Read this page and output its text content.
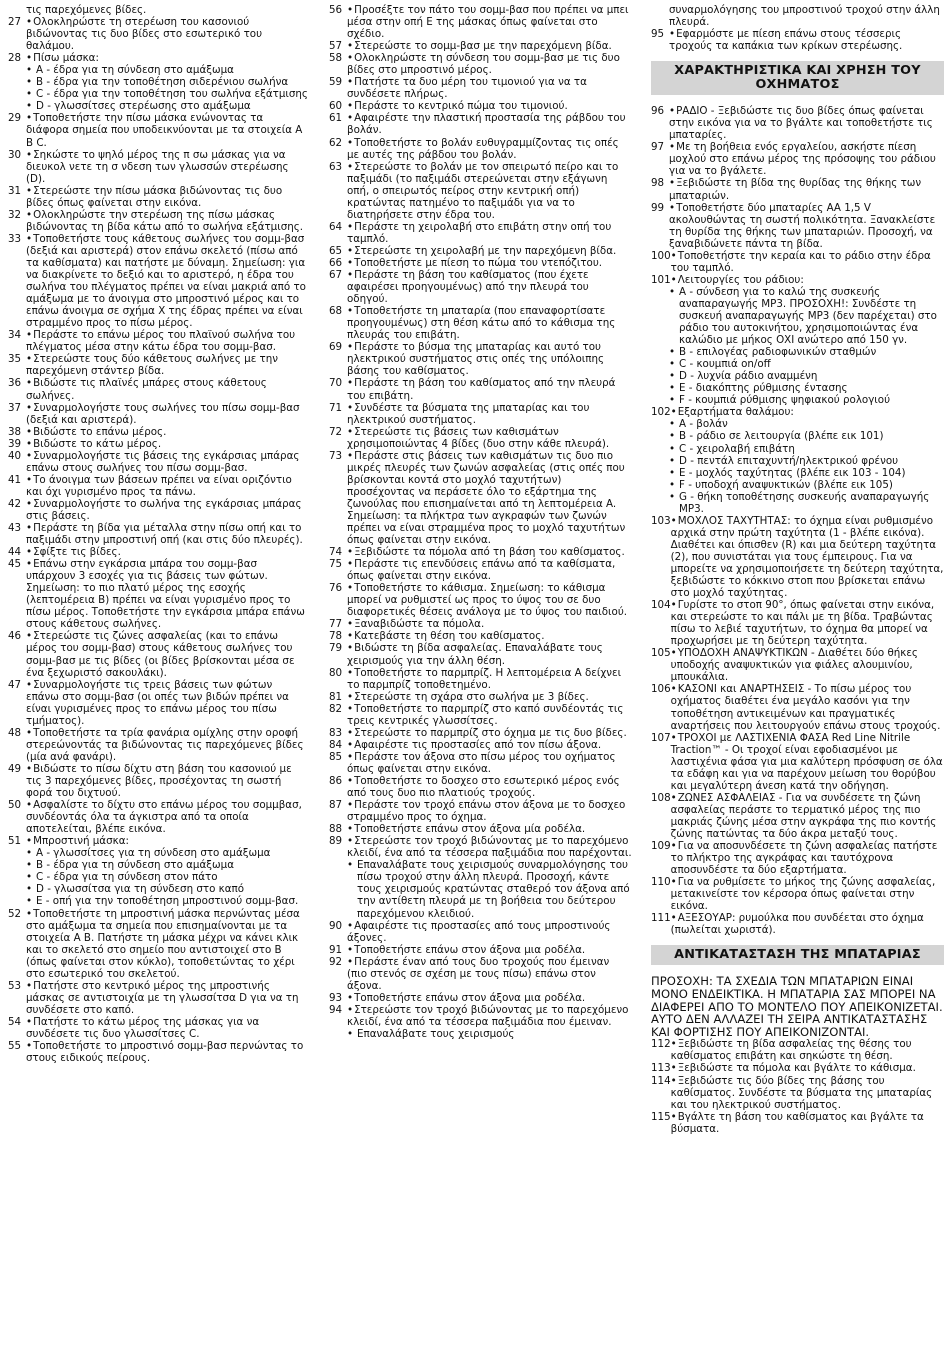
τις παρεχόμενες βίδες.
27 •Ολοκληρώστε τη στερέωση του κασονιού βιδώνοντας τις δυο βίδες στο εσωτερικό του θαλάμου.
28 •Πίσω μάσκα:
• A - έδρα για τη σύνδεση στο αμάξωμα
• B - έδρα για την τοποθέτηση σιδερένιου σωλήνα
• C - έδρα για την τοποθέτηση του σωλήνα εξάτμισης
• D - γλωσσίτσες στερέωσης στο αμάξωμα
29 •Τοποθετήστε την πίσω μάσκα ενώνοντας τα διάφορα σημεία που υποδεικνύονται με τα στοιχεία A B C.
30 •Σηκώστε το ψηλό μέρος της π σω μάσκας για να διευκολ νετε τη σ νδεση των γλωσσών στερέωσης (D).
31 •Στερεώστε την πίσω μάσκα βιδώνοντας τις δυο βίδες όπως φαίνεται στην εικόνα.
32 •Ολοκληρώστε την στερέωση της πίσω μάσκας βιδώνοντας τη βίδα κάτω από το σωλήνα εξάτμισης.
33 •Τοποθετήστε τους κάθετους σωλήνες του σομμ-βασ (δεξιά και αριστερά) στον επάνω σκελετό (πίσω από τα καθίσματα) και πατήστε με δύναμη. Σημείωση: για να διακρίνετε το δεξιό και το αριστερό, η έδρα του σωλήνα του πλέγματος πρέπει να είναι μακριά από το αμάξωμα με το άνοιγμα στο μπροστινό μέρος και το επάνω άνοιγμα σε σχήμα Χ της έδρας πρέπει να είναι στραμμένο προς το πίσω μέρος.
34 •Περάστε το επάνω μέρος του πλαϊνού σωλήνα του πλέγματος μέσα στην κάτω έδρα του σομμ-βασ.
35 •Στερεώστε τους δύο κάθετους σωλήνες με την παρεχόμενη στάντερ βίδα.
36 •Βιδώστε τις πλαϊνές μπάρες στους κάθετους σωλήνες.
37 •Συναρμολογήστε τους σωλήνες του πίσω σομμ-βασ (δεξιά και αριστερά).
38 •Βιδώστε το επάνω μέρος.
39 •Βιδώστε το κάτω μέρος.
40 •Συναρμολογήστε τις βάσεις της εγκάρσιας μπάρας επάνω στους σωλήνες του πίσω σομμ-βασ.
41 •Το άνοιγμα των βάσεων πρέπει να είναι οριζόντιο και όχι γυρισμένο προς τα πάνω.
42 •Συναρμολογήστε το σωλήνα της εγκάρσιας μπάρας στις βάσεις.
43 •Περάστε τη βίδα για μέταλλα στην πίσω οπή και το παξιμάδι στην μπροστινή οπή (και στις δύο πλευρές).
44 •Σφίξτε τις βίδες.
45 •Επάνω στην εγκάρσια μπάρα του σομμ-βασ υπάρχουν 3 εσοχές για τις βάσεις των φώτων. Σημείωση: το πιο πλατύ μέρος της εσοχής (λεπτομέρεια B) πρέπει να είναι γυρισμένο προς το πίσω μέρος. Τοποθετήστε την εγκάρσια μπάρα επάνω στους κάθετους σωλήνες.
46 •Στερεώστε τις ζώνες ασφαλείας (και το επάνω μέρος του σομμ-βασ) στους κάθετους σωλήνες του σομμ-βασ με τις βίδες (οι βίδες βρίσκονται μέσα σε ένα ξεχωριστό σακουλάκι).
47 •Συναρμολογήστε τις τρεις βάσεις των φώτων επάνω στο σομμ-βασ (οι οπές των βιδών πρέπει να είναι γυρισμένες προς το επάνω μέρος του πίσω τμήματος).
48 •Τοποθετήστε τα τρία φανάρια ομίχλης στην οροφή στερεώνοντάς τα βιδώνοντας τις παρεχόμενες βίδες (μία ανά φανάρι).
49 •Βιδώστε το πίσω δίχτυ στη βάση του κασονιού με τις 3 παρεχόμενες βίδες, προσέχοντας τη σωστή φορά του διχτυού.
50 •Ασφαλίστε το δίχτυ στο επάνω μέρος του σομμβασ, συνδέοντάς όλα τα άγκιστρα από τα οποία αποτελείται, βλέπε εικόνα.
51 •Μπροστινή μάσκα:
• A - γλωσσίτσες για τη σύνδεση στο αμάξωμα
• B - έδρα για τη σύνδεση στο αμάξωμα
• C - έδρα για τη σύνδεση στον πάτο
• D - γλωσσίτσα για τη σύνδεση στο καπό
• E - οπή για την τοποθέτηση μπροστινού σομμ-βασ.
52 •Τοποθετήστε τη μπροστινή μάσκα περνώντας μέσα στο αμάξωμα τα σημεία που επισημαίνονται με τα στοιχεία A B. Πατήστε τη μάσκα μέχρι να κάνει κλικ και το σκελετό στο σημείο που αντιστοιχεί στο B (όπως φαίνεται στον κύκλο), τοποθετώντας το χέρι στο εσωτερικό του σκελετού.
53 •Πατήστε στο κεντρικό μέρος της μπροστινής μάσκας σε αντιστοιχία με τη γλωσσίτσα D για να τη συνδέσετε στο καπό.
54 •Πατήστε το κάτω μέρος της μάσκας για να συνδέσετε τις δυο γλωσσίτσες C.
55 •Τοποθετήστε το μπροστινό σομμ-βασ περνώντας το στους ειδικούς πείρους.
56 •Προσέξτε τον πάτο του σομμ-βασ που πρέπει να μπει μέσα στην οπή E της μάσκας όπως φαίνεται στο σχέδιο.
57 •Στερεώστε το σομμ-βασ με την παρεχόμενη βίδα.
58 •Ολοκληρώστε τη σύνδεση του σομμ-βασ με τις δυο βίδες στο μπροστινό μέρος.
59 •Πατήστε τα δυο μέρη του τιμονιού για να τα συνδέσετε πλήρως.
60 •Περάστε το κεντρικό πώμα του τιμονιού.
61 •Αφαιρέστε την πλαστική προστασία της ράβδου του βολάν.
62 •Τοποθετήστε το βολάν ευθυγραμμίζοντας τις οπές με αυτές της ράβδου του βολάν.
63 •Στερεώστε το βολάν με τον σπειρωτό πείρο και το παξιμάδι (το παξιμάδι στερεώνεται στην εξάγωνη οπή, ο σπειρωτός πείρος στην κεντρική οπή) κρατώντας πατημένο το παξιμάδι για να το διατηρήσετε στην έδρα του.
64 •Περάστε τη χειρολαβή στο επιβάτη στην οπή του ταμπλό.
65 •Στερεώστε τη χειρολαβή με την παρεχόμενη βίδα.
66 •Τοποθετήστε με πίεση το πώμα του ντεπόζιτου.
67 •Περάστε τη βάση του καθίσματος (που έχετε αφαιρέσει προηγουμένως) από την πλευρά του οδηγού.
68 •Τοποθετήστε τη μπαταρία (που επαναφορτίσατε προηγουμένως) στη θέση κάτω από το κάθισμα της πλευράς του επιβάτη.
69 •Περάστε το βύσμα της μπαταρίας και αυτό του ηλεκτρικού συστήματος στις οπές της υπόλοιπης βάσης του καθίσματος.
70 •Περάστε τη βάση του καθίσματος από την πλευρά του επιβάτη.
71 •Συνδέστε τα βύσματα της μπαταρίας και του ηλεκτρικού συστήματος.
72 •Στερεώστε τις βάσεις των καθισμάτων χρησιμοποιώντας 4 βίδες (δυο στην κάθε πλευρά).
73 •Περάστε στις βάσεις των καθισμάτων τις δυο πιο μικρές πλευρές των ζωνών ασφαλείας (στις οπές που βρίσκονται κοντά στο μοχλό ταχυτήτων) προσέχοντας να περάσετε όλο το εξάρτημα της ζωνούλας που επισημαίνεται από τη λεπτομέρεια A. Σημείωση: τα πλήκτρα των αγκραφών των ζωνών πρέπει να είναι στραμμένα προς το μοχλό ταχυτήτων όπως φαίνεται στην εικόνα.
74 •Ξεβιδώστε τα πόμολα από τη βάση του καθίσματος.
75 •Περάστε τις επενδύσεις επάνω από τα καθίσματα, όπως φαίνεται στην εικόνα.
76 •Τοποθετήστε το κάθισμα. Σημείωση: το κάθισμα μπορεί να ρυθμιστεί ως προς το ύψος του σε δυο διαφορετικές θέσεις ανάλογα με το ύψος του παιδιού.
77 •Ξαναβιδώστε τα πόμολα.
78 •Κατεβάστε τη θέση του καθίσματος.
79 •Βιδώστε τη βίδα ασφαλείας. Επαναλάβατε τους χειρισμούς για την άλλη θέση.
80 •Τοποθετήστε το παρμπρίζ. Η λεπτομέρεια A δείχνει το παρμπρίζ τοποθετημένο.
81 •Στερεώστε τη σχάρα στο σωλήνα με 3 βίδες.
82 •Τοποθετήστε το παρμπρίζ στο καπό συνδέοντάς τις τρεις κεντρικές γλωσσίτσες.
83 •Στερεώστε το παρμπρίζ στο όχημα με τις δυο βίδες.
84 •Αφαιρέστε τις προστασίες από τον πίσω άξονα.
85 •Περάστε τον άξονα στο πίσω μέρος του οχήματος όπως φαίνεται στην εικόνα.
86 •Τοποθετήστε το δοσχεο στο εσωτερικό μέρος ενός από τους δυο πιο πλατιούς τροχούς.
87 •Περάστε τον τροχό επάνω στον άξονα με το δοσχεο στραμμένο προς το όχημα.
88 •Τοποθετήστε επάνω στον άξονα μία ροδέλα.
89 •Στερεώστε τον τροχό βιδώνοντας με το παρεχόμενο κλειδί, ένα από τα τέσσερα παξιμάδια που παρέχονται.
• Επαναλάβατε τους χειρισμούς συναρμολόγησης του πίσω τροχού στην άλλη πλευρά. Προσοχή, κάντε τους χειρισμούς κρατώντας σταθερό τον άξονα από την αντίθετη πλευρά με τη βοήθεια του δεύτερου παρεχόμενου κλειδιού.
90 •Αφαιρέστε τις προστασίες από τους μπροστινούς άξονες.
91 •Τοποθετήστε επάνω στον άξονα μια ροδέλα.
92 •Περάστε έναν από τους δυο τροχούς που έμειναν (πιο στενός σε σχέση με τους πίσω) επάνω στον άξονα.
93 •Τοποθετήστε επάνω στον άξονα μια ροδέλα.
94 •Στερεώστε τον τροχό βιδώνοντας με το παρεχόμενο κλειδί, ένα από τα τέσσερα παξιμάδια που έμειναν.
• Επαναλάβατε τους χειρισμούς
συναρμολόγησης του μπροστινού τροχού στην άλλη πλευρά.
95 •Εφαρμόστε με πίεση επάνω στους τέσσερις τροχούς τα καπάκια των κρίκων στερέωσης.
ΧΑΡΑΚΤΗΡΙΣΤΙΚΑ ΚΑΙ ΧΡΗΣΗ ΤΟΥ ΟΧΗΜΑΤΟΣ
96 •ΡΑΔΙΟ - Ξεβιδώστε τις δυο βίδες όπως φαίνεται στην εικόνα για να το βγάλτε και τοποθετήστε τις μπαταρίες.
97 •Με τη βοήθεια ενός εργαλείου, ασκήστε πίεση μοχλού στο επάνω μέρος της πρόσοψης του ράδιου για να το βγάλετε.
98 •Ξεβιδώστε τη βίδα της θυρίδας της θήκης των μπαταριών.
99 •Τοποθετήστε δύο μπαταρίες AA 1,5 V ακολουθώντας τη σωστή πολικότητα. Ξανακλείστε τη θυρίδα της θήκης των μπαταριών. Προσοχή, να ξαναβιδώνετε πάντα τη βίδα.
100 •Τοποθετήστε την κεραία και το ράδιο στην έδρα του ταμπλό.
101 •Λειτουργίες του ράδιου:
• A - σύνδεση για το καλώ της συσκευής αναπαραγωγής MP3. ΠΡΟΣΟΧΗ!: Συνδέστε τη συσκευή αναπαραγωγής MP3 (δεν παρέχεται) στο ράδιο του αυτοκινήτου, χρησιμοποιώντας ένα καλώδιο με μήκος ΟΧΙ ανώτερο από 150 γν.
• B - επιλογέας ραδιοφωνικών σταθμών
• C - κουμπιά on/off
• D - λυχνία ράδιο αναμμένη
• E - διακόπτης ρύθμισης έντασης
• F - κουμπιά ρύθμισης ψηφιακού ρολογιού
102 •Εξαρτήματα θαλάμου:
• A - βολάν
• B - ράδιο σε λειτουργία (βλέπε εικ 101)
• C - χειρολαβή επιβάτη
• D - πεντάλ επιταχυντή/ηλεκτρικού φρένου
• E - μοχλός ταχύτητας (βλέπε εικ 103 - 104)
• F - υποδοχή αναψυκτικών (βλέπε εικ 105)
• G - θήκη τοποθέτησης συσκευής αναπαραγωγής MP3.
103 •ΜΟΧΛΟΣ ΤΑΧΥΤΗΤΑΣ: το όχημα είναι ρυθμισμένο αρχικά στην πρώτη ταχύτητα (1 - βλέπε εικόνα). Διαθέτει και όπισθεν (R) και μια δεύτερη ταχύτητα (2), που συνιστάται για τους έμπειρους. Για να μπορείτε να χρησιμοποιήσετε τη δεύτερη ταχύτητα, ξεβιδώστε το κόκκινο στοπ που βρίσκεται επάνω στο μοχλό ταχύτητας.
104 •Γυρίστε το στοπ 90°, όπως φαίνεται στην εικόνα, και στερεώστε το και πάλι με τη βίδα. Τραβώντας πίσω το λεβιέ ταχυτήτων, το όχημα θα μπορεί να προχωρήσει με τη δεύτερη ταχύτητα.
105 •ΥΠΟΔΟΧΗ ΑΝΑΨΥΚΤΙΚΩΝ - Διαθέτει δύο θήκες υποδοχής αναψυκτικών για φιάλες αλουμινίου, μπουκάλια.
106 •ΚΑΣΟΝΙ και ΑΝΑΡΤΗΣΕΙΣ - Το πίσω μέρος του οχήματος διαθέτει ένα μεγάλο κασόνι για την τοποθέτηση αντικειμένων και πραγματικές αναρτήσεις που λειτουργούν επάνω στους τροχούς.
107 •ΤΡΟΧΟΙ με ΛΑΣΤΙΧΕΝΙΑ ΦΑΣΑ Red Line Nitrile Traction™ - Οι τροχοί είναι εφοδιασμένοι με λαστιχένια φάσα για μια καλύτερη πρόσφυση σε όλα τα εδάφη και για να παρέχουν μείωση του θορύβου και μεγαλύτερη άνεση κατά την οδήγηση.
108 •ΖΩΝΕΣ ΑΣΦΑΛΕΙΑΣ - Για να συνδέσετε τη ζώνη ασφαλείας περάστε το τερματικό μέρος της πιο μακριάς ζώνης μέσα στην αγκράφα της πιο κοντής ζώνης πατώντας τα δύο άκρα μεταξύ τους.
109 •Για να αποσυνδέσετε τη ζώνη ασφαλείας πατήστε το πλήκτρο της αγκράφας και ταυτόχρονα αποσυνδέστε τα δύο εξαρτήματα.
110 •Για να ρυθμίσετε το μήκος της ζώνης ασφαλείας, μετακινείστε τον κέρσορα όπως φαίνεται στην εικόνα.
111 •ΑΞΕΣΟΥΑΡ: ρυμούλκα που συνδέεται στο όχημα (πωλείται χωριστά).
ΑΝΤΙΚΑΤΑΣΤΑΣΗ ΤΗΣ ΜΠΑΤΑΡΙΑΣ
ΠΡΟΣΟΧΗ: ΤΑ ΣΧΕΔΙΑ ΤΩΝ ΜΠΑΤΑΡΙΩΝ ΕΙΝΑΙ ΜΟΝΟ ΕΝΔΕΙΚΤΙΚΑ. Η ΜΠΑΤΑΡΙΑ ΣΑΣ ΜΠΟΡΕΙ ΝΑ ΔΙΑΦΕΡΕΙ ΑΠΟ ΤΟ ΜΟΝΤΕΛΟ ΠΟΥ ΑΠΕΙΚΟΝΙΖΕΤΑΙ. ΑΥΤΟ ΔΕΝ ΑΛΛΑΖΕΙ ΤΗ ΣΕΙΡΑ ΑΝΤΙΚΑΤΑΣΤΑΣΗΣ ΚΑΙ ΦΟΡΤΙΣΗΣ ΠΟΥ ΑΠΕΙΚΟΝΙΖΟΝΤΑΙ.
112 •Ξεβιδώστε τη βίδα ασφαλείας της θέσης του καθίσματος επιβάτη και σηκώστε τη θέση.
113 •Ξεβιδώστε τα πόμολα και βγάλτε το κάθισμα.
114 •Ξεβιδώστε τις δύο βίδες της βάσης του καθίσματος. Συνδέστε τα βύσματα της μπαταρίας και του ηλεκτρικού συστήματος.
115 •Βγάλτε τη βάση του καθίσματος και βγάλτε τα βύσματα.
